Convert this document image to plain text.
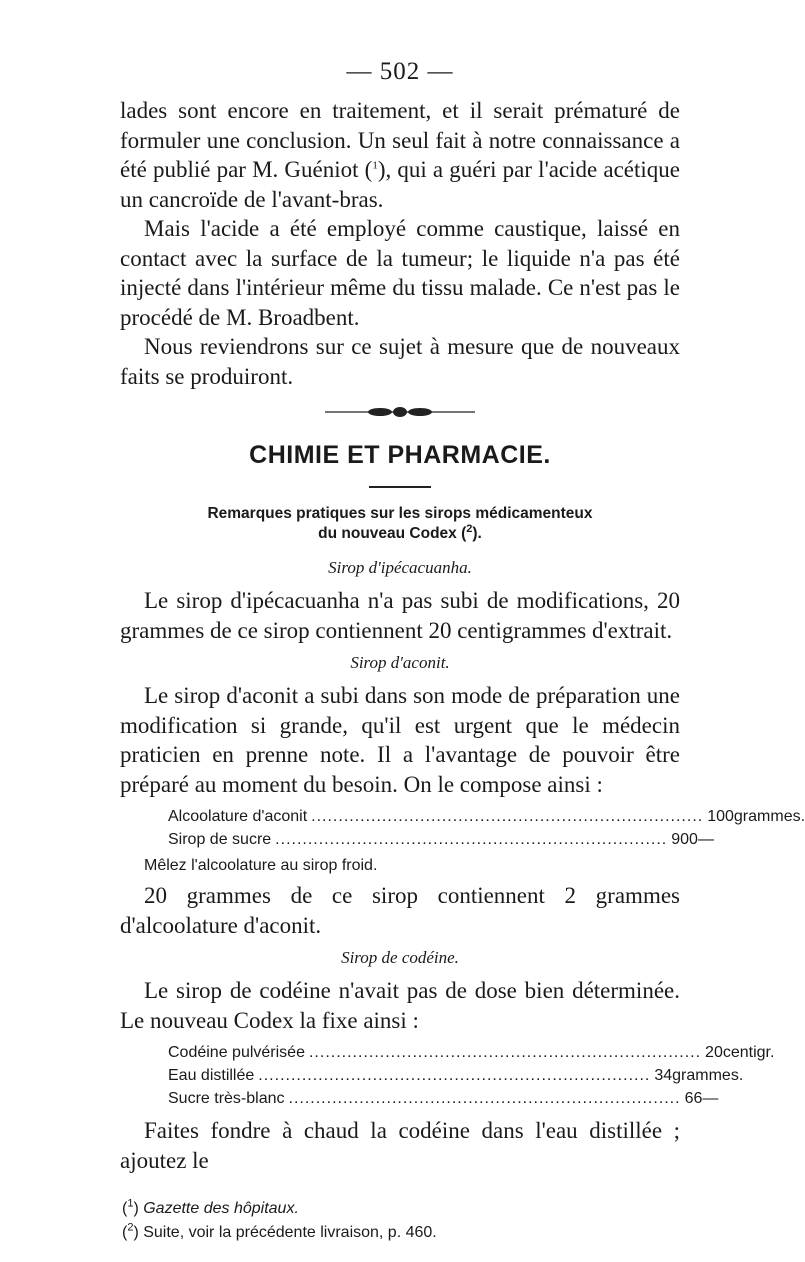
— 502 —

lades sont encore en traitement, et il serait prématuré de formuler une conclusion. Un seul fait à notre connaissance a été publié par M. Guéniot ($^1$), qui a guéri par l'acide acétique un cancroïde de l'avant-bras.

Mais l'acide a été employé comme caustique, laissé en contact avec la surface de la tumeur; le liquide n'a pas été injecté dans l'intérieur même du tissu malade. Ce n'est pas le procédé de M. Broadbent.

Nous reviendrons sur ce sujet à mesure que de nouveaux faits se produiront.

CHIMIE ET PHARMACIE.
Remarques pratiques sur les sirops médicamenteux
du nouveau Codex ($^2$).
Sirop d'ipécacuanha.

Le sirop d'ipécacuanha n'a pas subi de modifications, 20 grammes de ce sirop contiennent 20 centigrammes d'extrait.

Sirop d'aconit.

Le sirop d'aconit a subi dans son mode de préparation une modification si grande, qu'il est urgent que le médecin praticien en prenne note. Il a l'avantage de pouvoir être préparé au moment du besoin. On le compose ainsi :

Alcoolature d'aconit ........................................................................ 100 grammes.
Sirop de sucre ........................................................................ 900 —
Mêlez l'alcoolature au sirop froid.

20 grammes de ce sirop contiennent 2 grammes d'alcoolature d'aconit.

Sirop de codéine.

Le sirop de codéine n'avait pas de dose bien déterminée. Le nouveau Codex la fixe ainsi :

Codéine pulvérisée ........................................................................ 20 centigr.
Eau distillée ........................................................................ 34 grammes.
Sucre très-blanc ........................................................................ 66 —

Faites fondre à chaud la codéine dans l'eau distillée ; ajoutez le

($^1$) Gazette des hôpitaux.
($^2$) Suite, voir la précédente livraison, p. 460.
